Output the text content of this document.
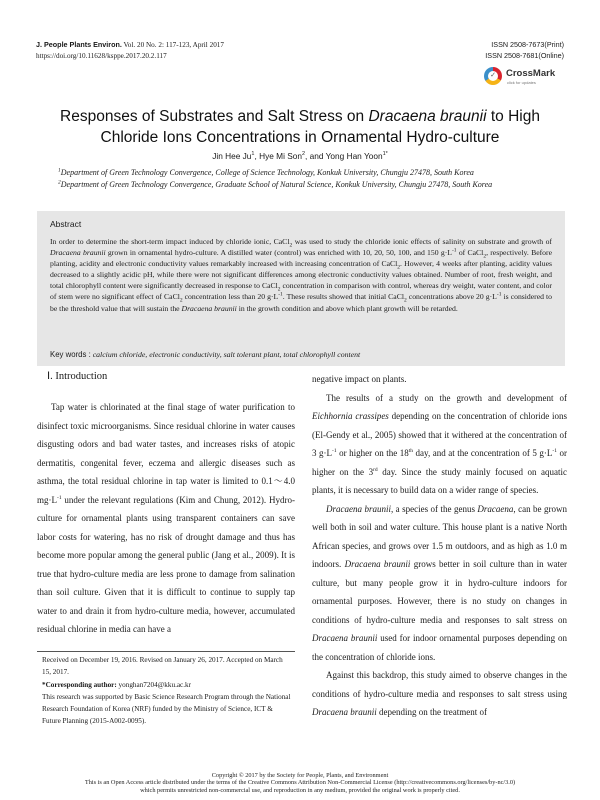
J. People Plants Environ. Vol. 20 No. 2: 117-123, April 2017
https://doi.org/10.11628/ksppe.2017.20.2.117
ISSN 2508-7673(Print)
ISSN 2508-7681(Online)
✓ CrossMark
click for updates
Responses of Substrates and Salt Stress on Dracaena braunii to High
Chloride Ions Concentrations in Ornamental Hydro-culture
Jin Hee Ju$^1$, Hye Mi Son$^2$, and Yong Han Yoon$^{1*}$
$^1$Department of Green Technology Convergence, College of Science Technology, Konkuk University, Chungju 27478, South Korea
$^2$Department of Green Technology Convergence, Graduate School of Natural Science, Konkuk University, Chungju 27478, South Korea
Abstract
In order to determine the short-term impact induced by chloride ionic, CaCl$_2$ was used to study the chloride ionic effects of salinity on substrate and growth of Dracaena braunii grown in ornamental hydro-culture. A distilled water (control) was enriched with 10, 20, 50, 100, and 150 $g\cdot L^{-1}$ of CaCl$_2$, respectively. Before planting, acidity and electronic conductivity values remarkably increased with increasing concentration of CaCl$_2$. However, 4 weeks after planting, acidity values decreased to a slightly acidic pH, while there were not significant differences among electronic conductivity values obtained. Number of root, fresh weight, and total chlorophyll content were significantly decreased in response to CaCl$_2$ concentration in comparison with control, whereas dry weight, water content, and color of stem were no significant effect of CaCl$_2$ concentration less than 20 $g\cdot L^{-1}$. These results showed that initial CaCl$_2$ concentrations above 20 $g\cdot L^{-1}$ is considered to be the threshold value that will sustain the Dracaena braunii in the growth condition and above which plant growth will be retarded.
Key words : calcium chloride, electronic conductivity, salt tolerant plant, total chlorophyll content
Ⅰ. Introduction

Tap water is chlorinated at the final stage of water purification to disinfect toxic microorganisms. Since residual chlorine in water causes disgusting odors and bad water tastes, and increases risks of atopic dermatitis, congenital fever, eczema and allergic diseases such as asthma, the total residual chlorine in tap water is limited to 0.1～4.0 $mg\cdot L^{-1}$ under the relevant regulations (Kim and Chung, 2012). Hydro-culture for ornamental plants using transparent containers can save labor costs for watering, has no risk of drought damage and thus has become more popular among the general public (Jang et al., 2009). It is true that hydro-culture media are less prone to damage from salination than soil culture. Given that it is difficult to continue to supply tap water to and drain it from hydro-culture media, however, accumulated residual chlorine in media can have a

Received on December 19, 2016. Revised on January 26, 2017. Accepted on March 15, 2017.
*Corresponding author: yonghan7204@kku.ac.kr
This research was supported by Basic Science Research Program through the National Research Foundation of Korea (NRF) funded by the Ministry of Science, ICT & Future Planning (2015-A002-0095).

negative impact on plants.

The results of a study on the growth and development of Eichhornia crassipes depending on the concentration of chloride ions (El-Gendy et al., 2005) showed that it withered at the concentration of 3 $g\cdot L^{-1}$ or higher on the 18th day, and at the concentration of 5 $g\cdot L^{-1}$ or higher on the 3rd day. Since the study mainly focused on aquatic plants, it is necessary to build data on a wider range of species.

Dracaena braunii, a species of the genus Dracaena, can be grown well both in soil and water culture. This house plant is a native North African species, and grows over 1.5 m outdoors, and as high as 1.0 m indoors. Dracaena braunii grows better in soil culture than in water culture, but many people grow it in hydro-culture indoors for ornamental purposes. However, there is no study on changes in conditions of hydro-culture media and responses to salt stress on Dracaena braunii used for indoor ornamental purposes depending on the concentration of chloride ions.

Against this backdrop, this study aimed to observe changes in the conditions of hydro-culture media and responses to salt stress using Dracaena braunii depending on the treatment of

Copyright © 2017 by the Society for People, Plants, and Environment
This is an Open Access article distributed under the terms of the Creative Commons Attribution Non-Commercial License (http://creativecommons.org/licenses/by-nc/3.0)
which permits unrestricted non-commercial use, and reproduction in any medium, provided the original work is properly cited.
